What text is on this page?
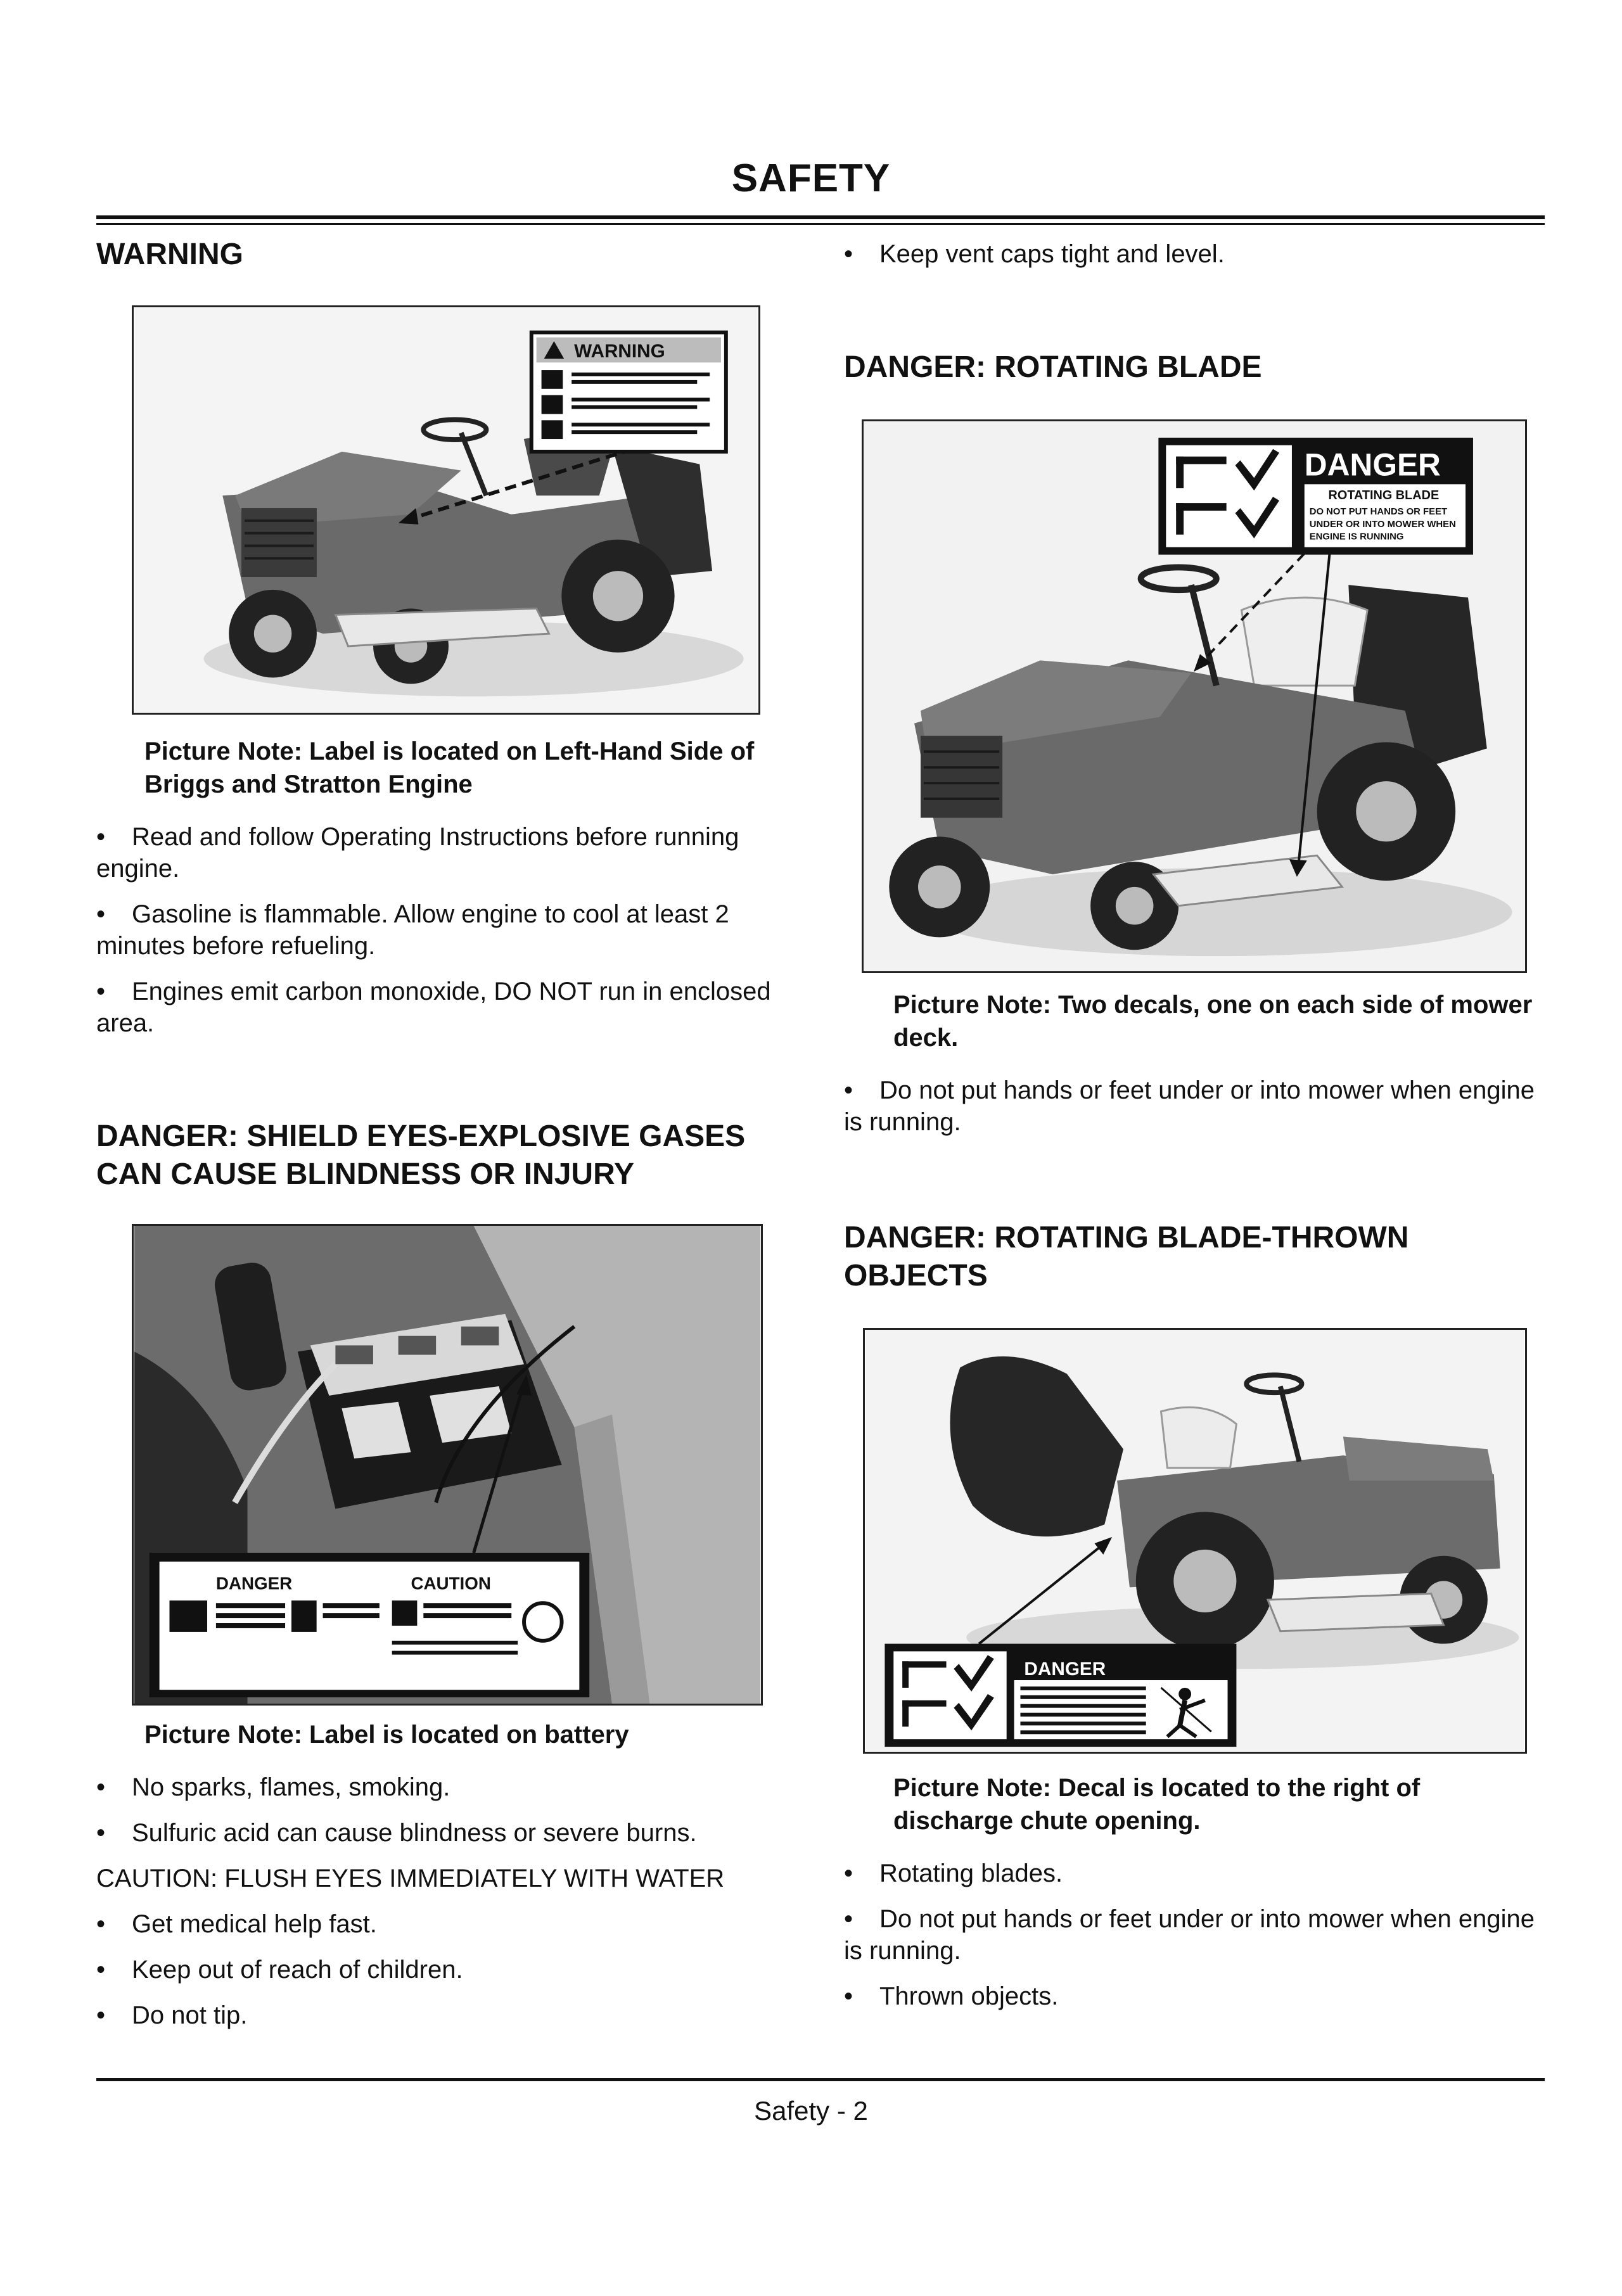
SAFETY
WARNING
WARNING
Picture Note: Label is located on Left-Hand Side of Briggs and Stratton Engine
• Read and follow Operating Instructions before running engine.
• Gasoline is flammable. Allow engine to cool at least 2 minutes before refueling.
• Engines emit carbon monoxide, DO NOT run in enclosed area.
DANGER: SHIELD EYES-EXPLOSIVE GASES
CAN CAUSE BLINDNESS OR INJURY
DANGER	CAUTION
Picture Note: Label is located on battery
• No sparks, flames, smoking.
• Sulfuric acid can cause blindness or severe burns.
CAUTION: FLUSH EYES IMMEDIATELY WITH WATER
• Get medical help fast.
• Keep out of reach of children.
• Do not tip.
• Keep vent caps tight and level.
DANGER: ROTATING BLADE
DANGER
ROTATING BLADE
DO NOT PUT HANDS OR FEET
UNDER OR INTO MOWER WHEN
ENGINE IS RUNNING
Picture Note: Two decals, one on each side of mower deck.
• Do not put hands or feet under or into mower when engine is running.
DANGER: ROTATING BLADE-THROWN
OBJECTS
DANGER
Picture Note: Decal is located to the right of discharge chute opening.
• Rotating blades.
• Do not put hands or feet under or into mower when engine is running.
• Thrown objects.
Safety - 2
